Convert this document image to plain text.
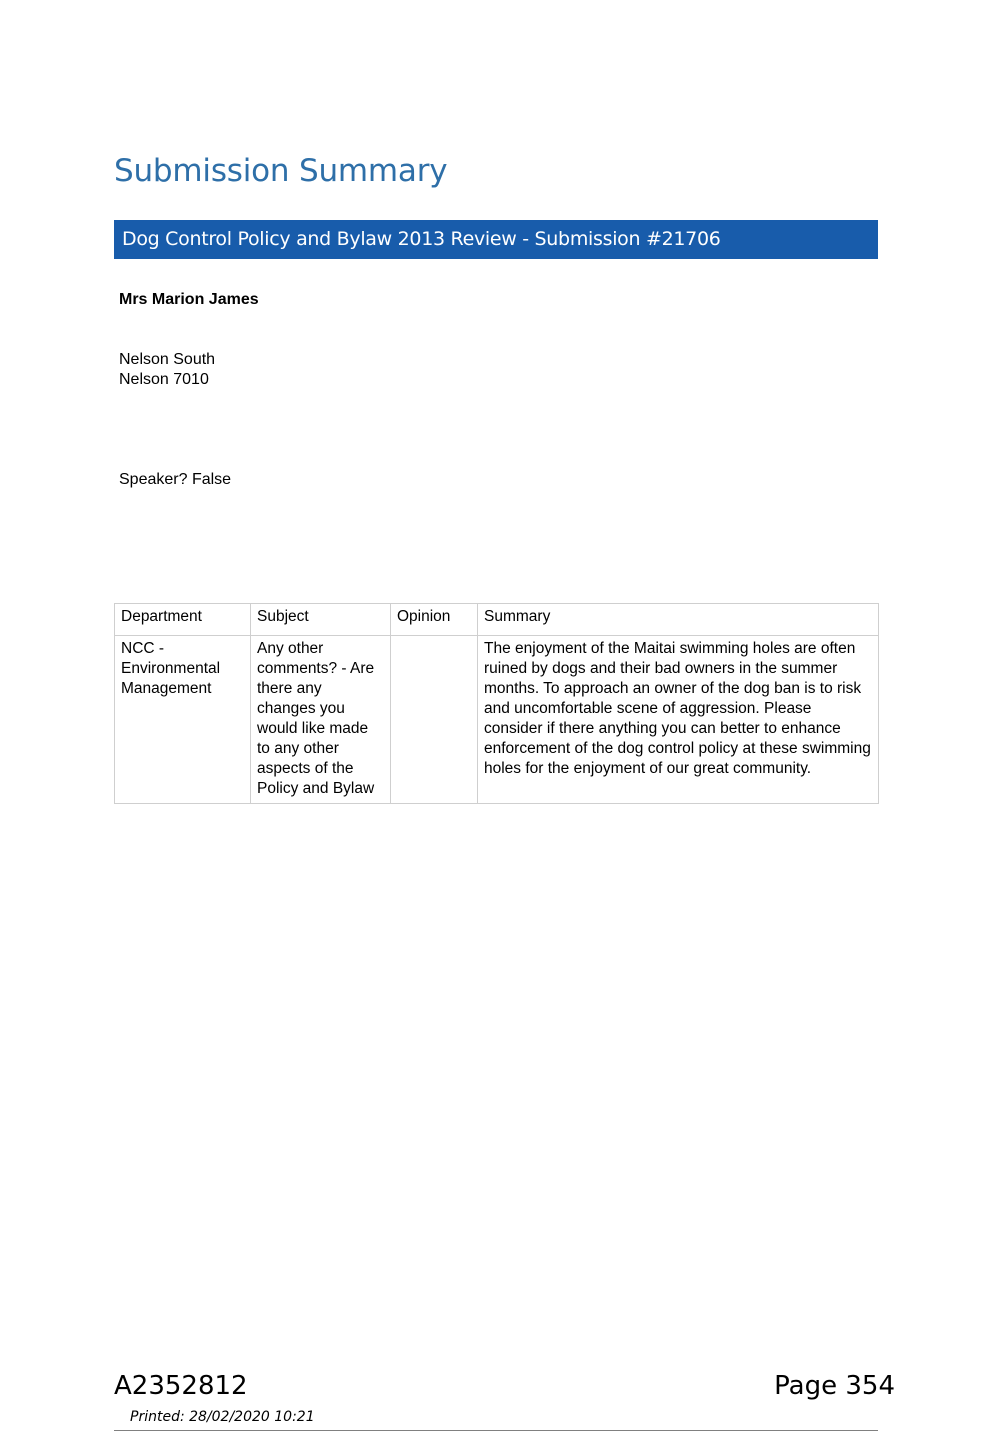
Submission Summary
Dog Control Policy and Bylaw 2013 Review - Submission #21706
Mrs Marion James
Nelson South
Nelson 7010
Speaker? False
Department	Subject	Opinion	Summary
NCC - Environmental Management	Any other comments? - Are there any changes you would like made to any other aspects of the Policy and Bylaw		The enjoyment of the Maitai swimming holes are often ruined by dogs and their bad owners in the summer months. To approach an owner of the dog ban is to risk and uncomfortable scene of aggression. Please consider if there anything you can better to enhance enforcement of the dog control policy at these swimming holes for the enjoyment of our great community.
A2352812	Page 354
Printed: 28/02/2020 10:21
